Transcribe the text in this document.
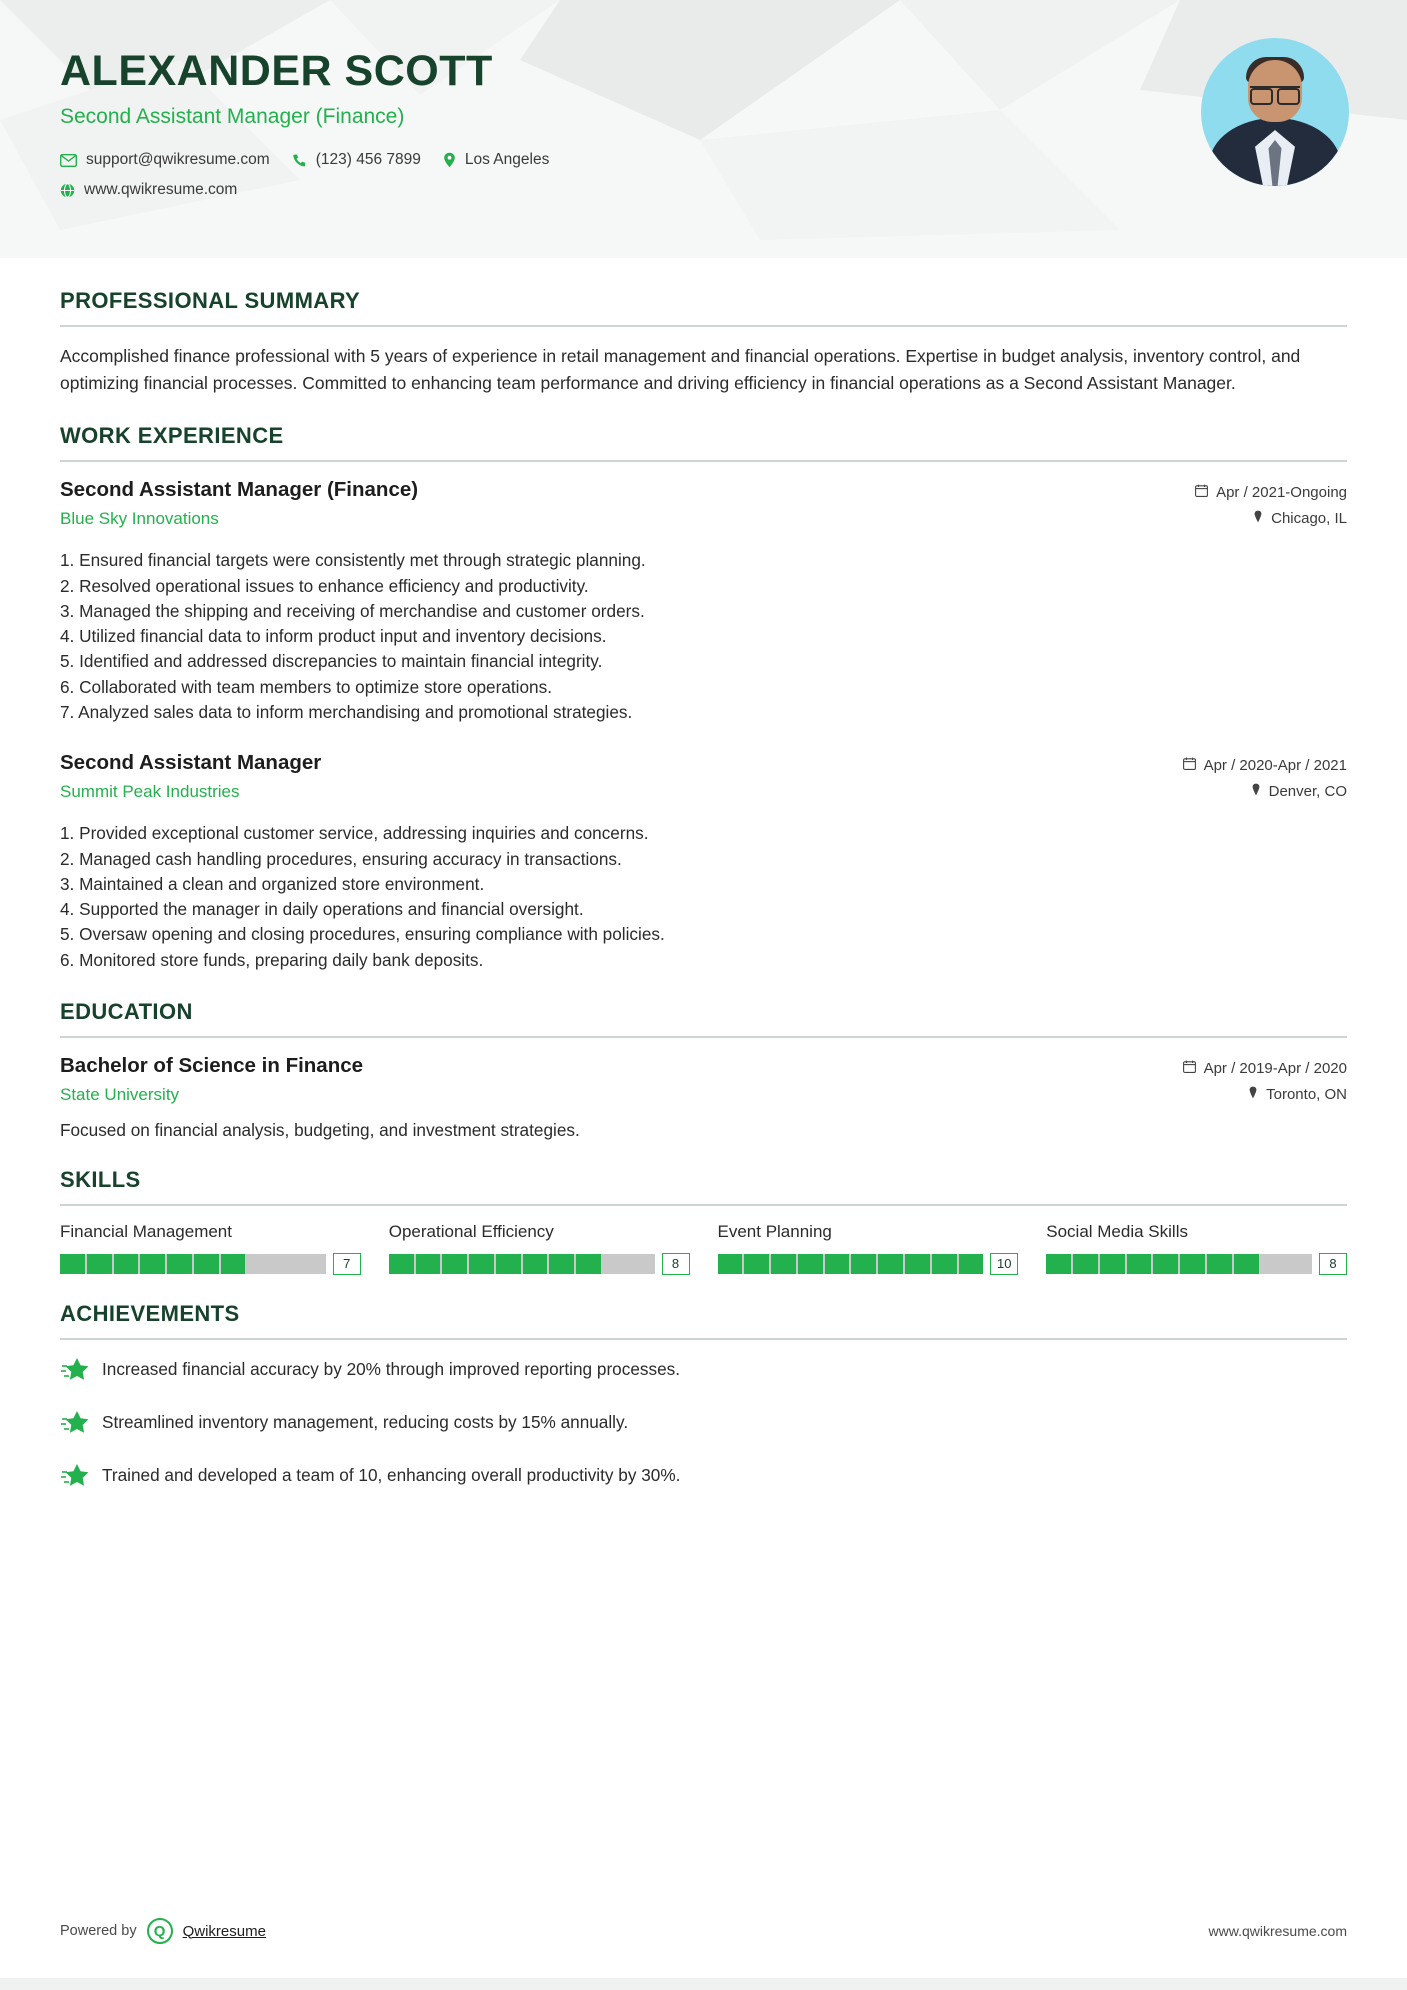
ALEXANDER SCOTT
Second Assistant Manager (Finance)
support@qwikresume.com	(123) 456 7899	Los Angeles
www.qwikresume.com
PROFESSIONAL SUMMARY
Accomplished finance professional with 5 years of experience in retail management and financial operations. Expertise in budget analysis, inventory control, and optimizing financial processes. Committed to enhancing team performance and driving efficiency in financial operations as a Second Assistant Manager.
WORK EXPERIENCE
Second Assistant Manager (Finance)
Blue Sky Innovations
Apr / 2021-Ongoing
Chicago, IL
1. Ensured financial targets were consistently met through strategic planning.
2. Resolved operational issues to enhance efficiency and productivity.
3. Managed the shipping and receiving of merchandise and customer orders.
4. Utilized financial data to inform product input and inventory decisions.
5. Identified and addressed discrepancies to maintain financial integrity.
6. Collaborated with team members to optimize store operations.
7. Analyzed sales data to inform merchandising and promotional strategies.
Second Assistant Manager
Summit Peak Industries
Apr / 2020-Apr / 2021
Denver, CO
1. Provided exceptional customer service, addressing inquiries and concerns.
2. Managed cash handling procedures, ensuring accuracy in transactions.
3. Maintained a clean and organized store environment.
4. Supported the manager in daily operations and financial oversight.
5. Oversaw opening and closing procedures, ensuring compliance with policies.
6. Monitored store funds, preparing daily bank deposits.
EDUCATION
Bachelor of Science in Finance
State University
Apr / 2019-Apr / 2020
Toronto, ON
Focused on financial analysis, budgeting, and investment strategies.
SKILLS
Financial Management
7
Operational Efficiency
8
Event Planning
10
Social Media Skills
8
ACHIEVEMENTS
Increased financial accuracy by 20% through improved reporting processes.
Streamlined inventory management, reducing costs by 15% annually.
Trained and developed a team of 10, enhancing overall productivity by 30%.
Powered by	Q	Qwikresume	www.qwikresume.com
